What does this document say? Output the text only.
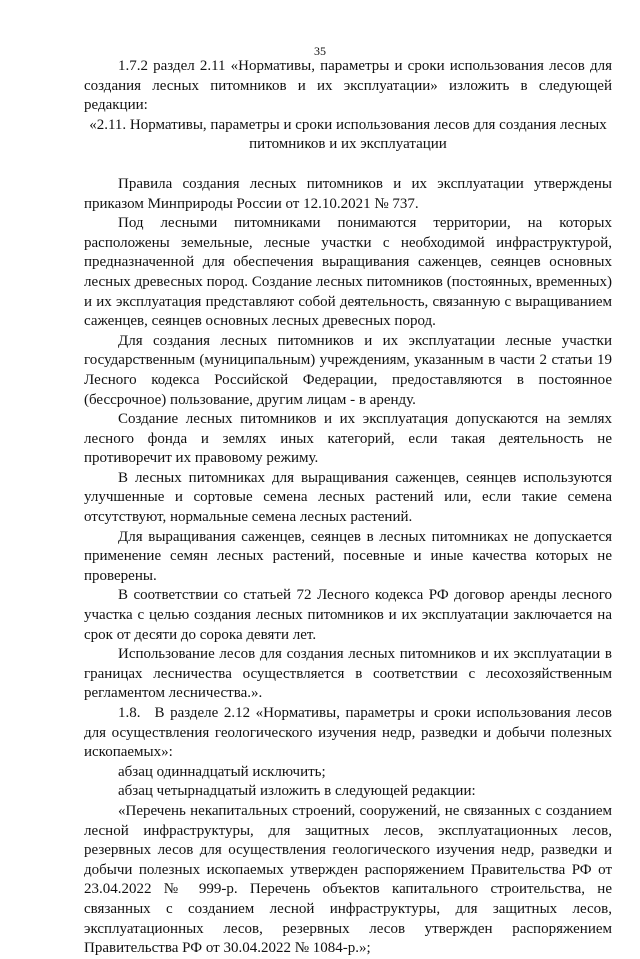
35

1.7.2 раздел 2.11 «Нормативы, параметры и сроки использования лесов для создания лесных питомников и их эксплуатации» изложить в следующей редакции:

«2.11. Нормативы, параметры и сроки использования лесов для создания лесных питомников и их эксплуатации

Правила создания лесных питомников и их эксплуатации утверждены приказом Минприроды России от 12.10.2021 № 737.

Под лесными питомниками понимаются территории, на которых расположены земельные, лесные участки с необходимой инфраструктурой, предназначенной для обеспечения выращивания саженцев, сеянцев основных лесных древесных пород. Создание лесных питомников (постоянных, временных) и их эксплуатация представляют собой деятельность, связанную с выращиванием саженцев, сеянцев основных лесных древесных пород.

Для создания лесных питомников и их эксплуатации лесные участки государственным (муниципальным) учреждениям, указанным в части 2 статьи 19 Лесного кодекса Российской Федерации, предоставляются в постоянное (бессрочное) пользование, другим лицам - в аренду.

Создание лесных питомников и их эксплуатация допускаются на землях лесного фонда и землях иных категорий, если такая деятельность не противоречит их правовому режиму.

В лесных питомниках для выращивания саженцев, сеянцев используются улучшенные и сортовые семена лесных растений или, если такие семена отсутствуют, нормальные семена лесных растений.

Для выращивания саженцев, сеянцев в лесных питомниках не допускается применение семян лесных растений, посевные и иные качества которых не проверены.

В соответствии со статьей 72 Лесного кодекса РФ договор аренды лесного участка с целью создания лесных питомников и их эксплуатации заключается на срок от десяти до сорока девяти лет.

Использование лесов для создания лесных питомников и их эксплуатации в границах лесничества осуществляется в соответствии с лесохозяйственным регламентом лесничества.».

1.8. В разделе 2.12 «Нормативы, параметры и сроки использования лесов для осуществления геологического изучения недр, разведки и добычи полезных ископаемых»:

абзац одиннадцатый исключить;

абзац четырнадцатый изложить в следующей редакции:

«Перечень некапитальных строений, сооружений, не связанных с созданием лесной инфраструктуры, для защитных лесов, эксплуатационных лесов, резервных лесов для осуществления геологического изучения недр, разведки и добычи полезных ископаемых утвержден распоряжением Правительства РФ от 23.04.2022 № 999-р. Перечень объектов капитального строительства, не связанных с созданием лесной инфраструктуры, для защитных лесов, эксплуатационных лесов, резервных лесов утвержден распоряжением Правительства РФ от 30.04.2022 № 1084-р.»;
